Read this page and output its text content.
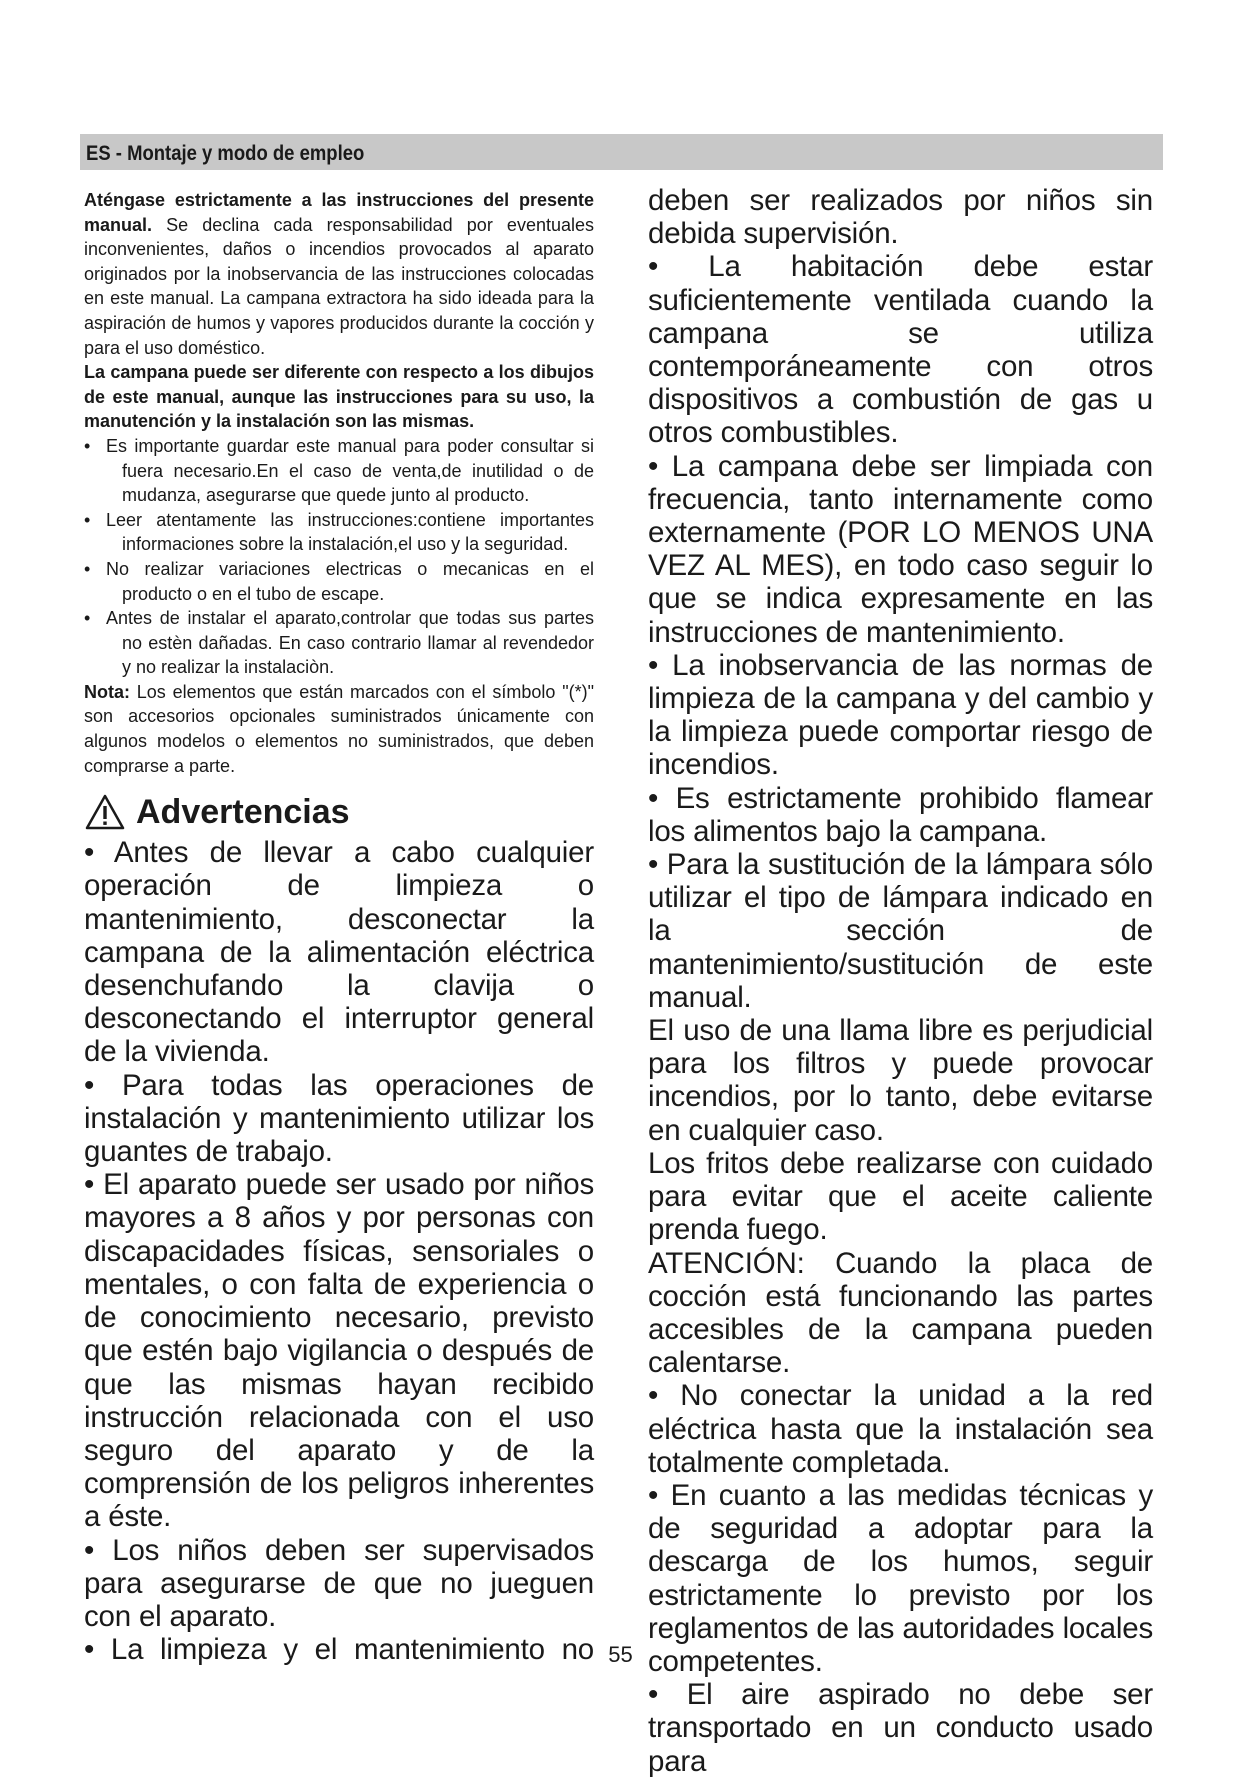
ES - Montaje y modo de empleo

Aténgase estrictamente a las instrucciones del presente manual. Se declina cada responsabilidad por eventuales inconvenientes, daños o incendios provocados al aparato originados por la inobservancia de las instrucciones colocadas en este manual. La campana extractora ha sido ideada para la aspiración de humos y vapores producidos durante la cocción y para el uso doméstico.

La campana puede ser diferente con respecto a los dibujos de este manual, aunque las instrucciones para su uso, la manutención y la instalación son las mismas.

• Es importante guardar este manual para poder consultar si fuera necesario.En el caso de venta,de inutilidad o de mudanza, asegurarse que quede junto al producto.

• Leer atentamente las instrucciones:contiene importantes informaciones sobre la instalación,el uso y la seguridad.

• No realizar variaciones electricas o mecanicas en el producto o en el tubo de escape.

• Antes de instalar el aparato,controlar que todas sus partes no estèn dañadas. En caso contrario llamar al revendedor y no realizar la instalaciòn.

Nota: Los elementos que están marcados con el símbolo "(*)" son accesorios opcionales suministrados únicamente con algunos modelos o elementos no suministrados, que deben comprarse a parte.

Advertencias

• Antes de llevar a cabo cualquier operación de limpieza o mantenimiento, desconectar la campana de la alimentación eléctrica desenchufando la clavija o desconectando el interruptor general de la vivienda.

• Para todas las operaciones de instalación y mantenimiento utilizar los guantes de trabajo.

• El aparato puede ser usado por niños mayores a 8 años y por personas con discapacidades físicas, sensoriales o mentales, o con falta de experiencia o de conocimiento necesario, previsto que estén bajo vigilancia o después de que las mismas hayan recibido instrucción relacionada con el uso seguro del aparato y de la comprensión de los peligros inherentes a éste.

• Los niños deben ser supervisados para asegurarse de que no jueguen con el aparato.

• La limpieza y el mantenimiento no

deben ser realizados por niños sin debida supervisión.

• La habitación debe estar suficientemente ventilada cuando la campana se utiliza contemporáneamente con otros dispositivos a combustión de gas u otros combustibles.

• La campana debe ser limpiada con frecuencia, tanto internamente como externamente (POR LO MENOS UNA VEZ AL MES), en todo caso seguir lo que se indica expresamente en las instrucciones de mantenimiento.

• La inobservancia de las normas de limpieza de la campana y del cambio y la limpieza puede comportar riesgo de incendios.

• Es estrictamente prohibido flamear los alimentos bajo la campana.

• Para la sustitución de la lámpara sólo utilizar el tipo de lámpara indicado en la sección de mantenimiento/sustitución de este manual.

El uso de una llama libre es perjudicial para los filtros y puede provocar incendios, por lo tanto, debe evitarse en cualquier caso.

Los fritos debe realizarse con cuidado para evitar que el aceite caliente prenda fuego.

ATENCIÓN: Cuando la placa de cocción está funcionando las partes accesibles de la campana pueden calentarse.

• No conectar la unidad a la red eléctrica hasta que la instalación sea totalmente completada.

• En cuanto a las medidas técnicas y de seguridad a adoptar para la descarga de los humos, seguir estrictamente lo previsto por los reglamentos de las autoridades locales competentes.

• El aire aspirado no debe ser transportado en un conducto usado para

55
